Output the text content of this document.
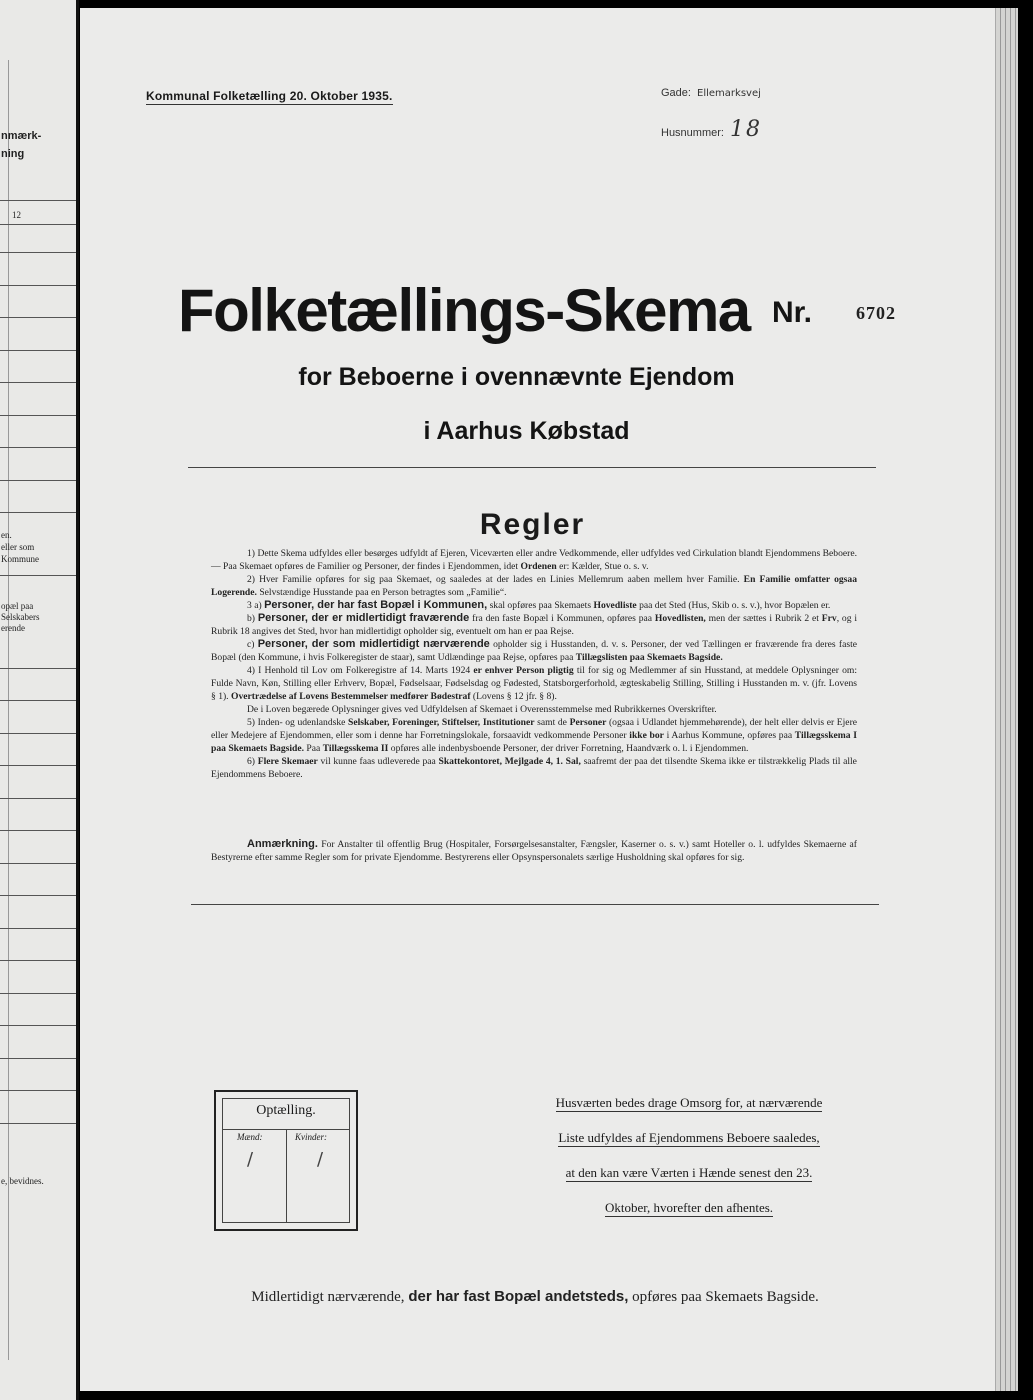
nmærk-
ning
12
en.
eller som
Kommune
opæl paa
Selskabers
erende
e, bevidnes.
Kommunal Folketælling 20. Oktober 1935.	Gade: Ellemarksvej
Husnummer: 18
Folketællings-Skema Nr. 6702
for Beboerne i ovennævnte Ejendom
i Aarhus Købstad
Regler

1) Dette Skema udfyldes eller besørges udfyldt af Ejeren, Viceværten eller andre Vedkommende, eller udfyldes ved Cirkulation blandt Ejendommens Beboere. — Paa Skemaet opføres de Familier og Personer, der findes i Ejendommen, idet Ordenen er: Kælder, Stue o. s. v.

2) Hver Familie opføres for sig paa Skemaet, og saaledes at der lades en Linies Mellemrum aaben mellem hver Familie. En Familie omfatter ogsaa Logerende. Selvstændige Husstande paa en Person betragtes som „Familie“.

3 a) Personer, der har fast Bopæl i Kommunen, skal opføres paa Skemaets Hovedliste paa det Sted (Hus, Skib o. s. v.), hvor Bopælen er.

b) Personer, der er midlertidigt fraværende fra den faste Bopæl i Kommunen, opføres paa Hovedlisten, men der sættes i Rubrik 2 et Frv, og i Rubrik 18 angives det Sted, hvor han midlertidigt opholder sig, eventuelt om han er paa Rejse.

c) Personer, der som midlertidigt nærværende opholder sig i Husstanden, d. v. s. Personer, der ved Tællingen er fraværende fra deres faste Bopæl (den Kommune, i hvis Folkeregister de staar), samt Udlændinge paa Rejse, opføres paa Tillægslisten paa Skemaets Bagside.

4) I Henhold til Lov om Folkeregistre af 14. Marts 1924 er enhver Person pligtig til for sig og Medlemmer af sin Husstand, at meddele Oplysninger om: Fulde Navn, Køn, Stilling eller Erhverv, Bopæl, Fødselsaar, Fødselsdag og Fødested, Statsborgerforhold, ægteskabelig Stilling, Stilling i Husstanden m. v. (jfr. Lovens § 1). Overtrædelse af Lovens Bestemmelser medfører Bødestraf (Lovens § 12 jfr. § 8).

De i Loven begærede Oplysninger gives ved Udfyldelsen af Skemaet i Overensstemmelse med Rubrikkernes Overskrifter.

5) Inden- og udenlandske Selskaber, Foreninger, Stiftelser, Institutioner samt de Personer (ogsaa i Udlandet hjemmehørende), der helt eller delvis er Ejere eller Medejere af Ejendommen, eller som i denne har Forretningslokale, forsaavidt vedkommende Personer ikke bor i Aarhus Kommune, opføres paa Tillægsskema I paa Skemaets Bagside. Paa Tillægsskema II opføres alle indenbysboende Personer, der driver Forretning, Haandværk o. l. i Ejendommen.

6) Flere Skemaer vil kunne faas udleverede paa Skattekontoret, Mejlgade 4, 1. Sal, saafremt der paa det tilsendte Skema ikke er tilstrækkelig Plads til alle Ejendommens Beboere.

Anmærkning. For Anstalter til offentlig Brug (Hospitaler, Forsørgelsesanstalter, Fængsler, Kaserner o. s. v.) samt Hoteller o. l. udfyldes Skemaerne af Bestyrerne efter samme Regler som for private Ejendomme. Bestyrerens eller Opsynspersonalets særlige Husholdning skal opføres for sig.

Optælling.
Mænd:	Kvinder:
/	/
Husværten bedes drage Omsorg for, at nærværende
Liste udfyldes af Ejendommens Beboere saaledes,
at den kan være Værten i Hænde senest den 23.
Oktober, hvorefter den afhentes.
Midlertidigt nærværende, der har fast Bopæl andetsteds, opføres paa Skemaets Bagside.
